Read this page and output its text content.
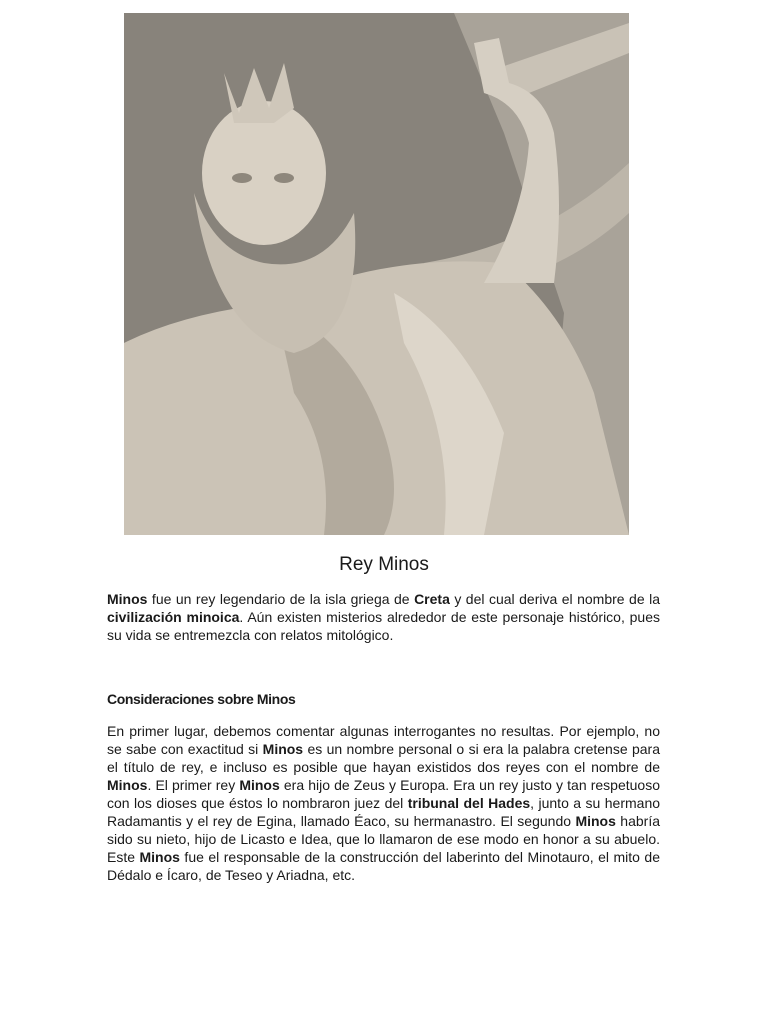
Rey Minos

Minos fue un rey legendario de la isla griega de Creta y del cual deriva el nombre de la civilización minoica. Aún existen misterios alrededor de este personaje histórico, pues su vida se entremezcla con relatos mitológico.

Consideraciones sobre Minos

En primer lugar, debemos comentar algunas interrogantes no resultas. Por ejemplo, no se sabe con exactitud si Minos es un nombre personal o si era la palabra cretense para el título de rey, e incluso es posible que hayan existidos dos reyes con el nombre de Minos. El primer rey Minos era hijo de Zeus y Europa. Era un rey justo y tan respetuoso con los dioses que éstos lo nombraron juez del tribunal del Hades, junto a su hermano Radamantis y el rey de Egina, llamado Éaco, su hermanastro. El segundo Minos habría sido su nieto, hijo de Licasto e Idea, que lo llamaron de ese modo en honor a su abuelo. Este Minos fue el responsable de la construcción del laberinto del Minotauro, el mito de Dédalo e Ícaro, de Teseo y Ariadna, etc.
